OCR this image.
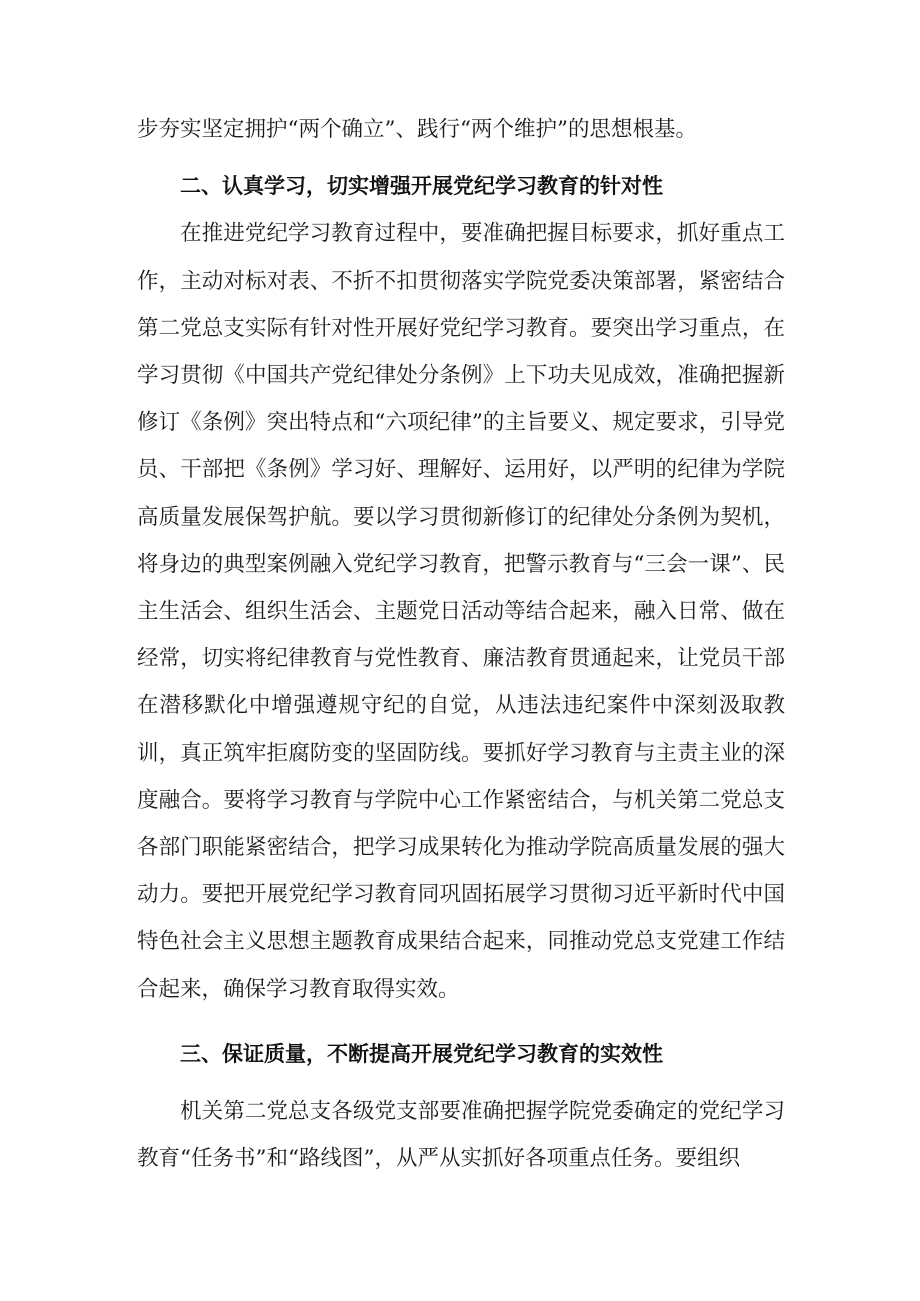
步夯实坚定拥护“两个确立”、践行“两个维护”的思想根基。

二、认真学习，切实增强开展党纪学习教育的针对性

在推进党纪学习教育过程中，要准确把握目标要求，抓好重点工作，主动对标对表、不折不扣贯彻落实学院党委决策部署，紧密结合第二党总支实际有针对性开展好党纪学习教育。要突出学习重点，在学习贯彻《中国共产党纪律处分条例》上下功夫见成效，准确把握新修订《条例》突出特点和“六项纪律”的主旨要义、规定要求，引导党员、干部把《条例》学习好、理解好、运用好，以严明的纪律为学院高质量发展保驾护航。要以学习贯彻新修订的纪律处分条例为契机，将身边的典型案例融入党纪学习教育，把警示教育与“三会一课”、民主生活会、组织生活会、主题党日活动等结合起来，融入日常、做在经常，切实将纪律教育与党性教育、廉洁教育贯通起来，让党员干部在潜移默化中增强遵规守纪的自觉，从违法违纪案件中深刻汲取教训，真正筑牢拒腐防变的坚固防线。要抓好学习教育与主责主业的深度融合。要将学习教育与学院中心工作紧密结合，与机关第二党总支各部门职能紧密结合，把学习成果转化为推动学院高质量发展的强大动力。要把开展党纪学习教育同巩固拓展学习贯彻习近平新时代中国特色社会主义思想主题教育成果结合起来，同推动党总支党建工作结合起来，确保学习教育取得实效。

三、保证质量，不断提高开展党纪学习教育的实效性

机关第二党总支各级党支部要准确把握学院党委确定的党纪学习教育“任务书”和“路线图”，从严从实抓好各项重点任务。要组织
